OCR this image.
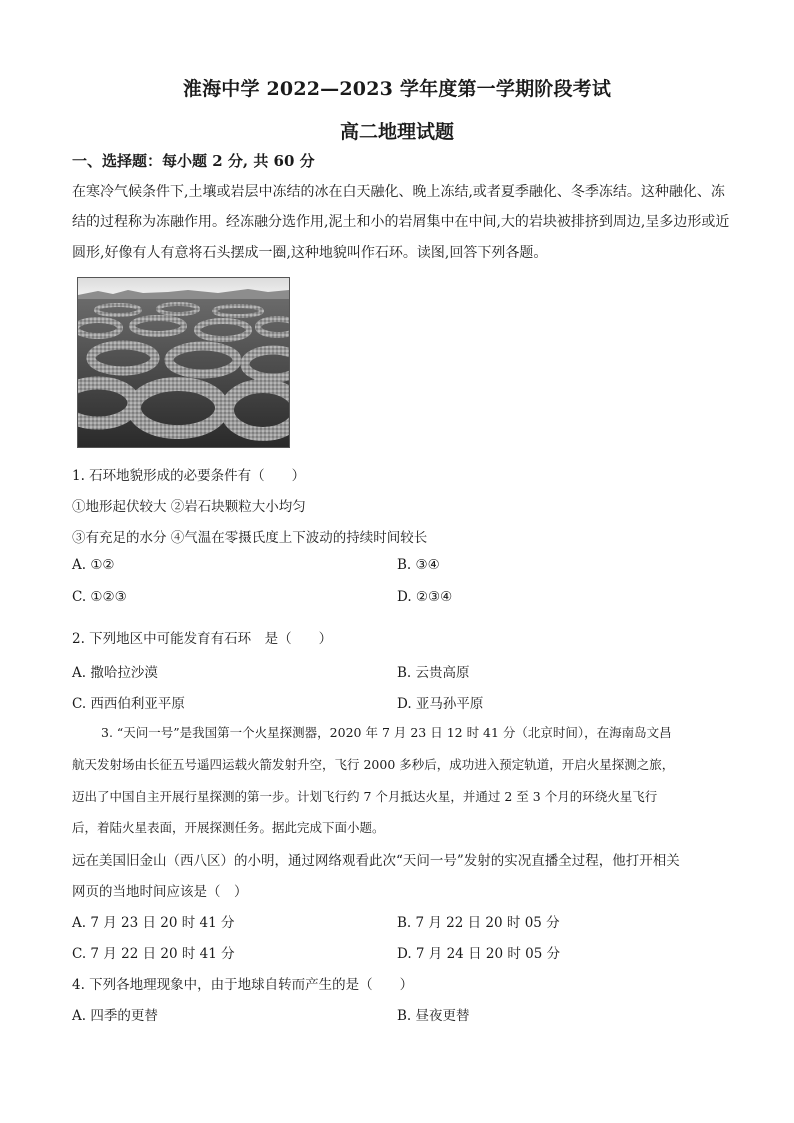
淮海中学 2022—2023 学年度第一学期阶段考试
高二地理试题
一、选择题：每小题 2 分, 共 60 分
在寒冷气候条件下,土壤或岩层中冻结的冰在白天融化、晚上冻结,或者夏季融化、冬季冻结。这种融化、冻
结的过程称为冻融作用。经冻融分选作用,泥土和小的岩屑集中在中间,大的岩块被排挤到周边,呈多边形或近
圆形,好像有人有意将石头摆成一圈,这种地貌叫作石环。读图,回答下列各题。
1. 石环地貌形成的必要条件有（　　）
①地形起伏较大 ②岩石块颗粒大小均匀
③有充足的水分 ④气温在零摄氏度上下波动的持续时间较长
A. ①②	B. ③④
C. ①②③	D. ②③④
2. 下列地区中可能发育有石环　是（　　）
A. 撒哈拉沙漠	B. 云贵高原
C. 西西伯利亚平原	D. 亚马孙平原
3. “天问一号”是我国第一个火星探测器，2020 年 7 月 23 日 12 时 41 分（北京时间），在海南岛文昌
航天发射场由长征五号遥四运载火箭发射升空，飞行 2000 多秒后，成功进入预定轨道，开启火星探测之旅，
迈出了中国自主开展行星探测的第一步。计划飞行约 7 个月抵达火星，并通过 2 至 3 个月的环绕火星飞行
后，着陆火星表面，开展探测任务。据此完成下面小题。
远在美国旧金山（西八区）的小明，通过网络观看此次“天问一号”发射的实况直播全过程，他打开相关
网页的当地时间应该是（　）
A. 7 月 23 日 20 时 41 分	B. 7 月 22 日 20 时 05 分
C. 7 月 22 日 20 时 41 分	D. 7 月 24 日 20 时 05 分
4. 下列各地理现象中，由于地球自转而产生的是（　　）
A. 四季的更替	B. 昼夜更替
